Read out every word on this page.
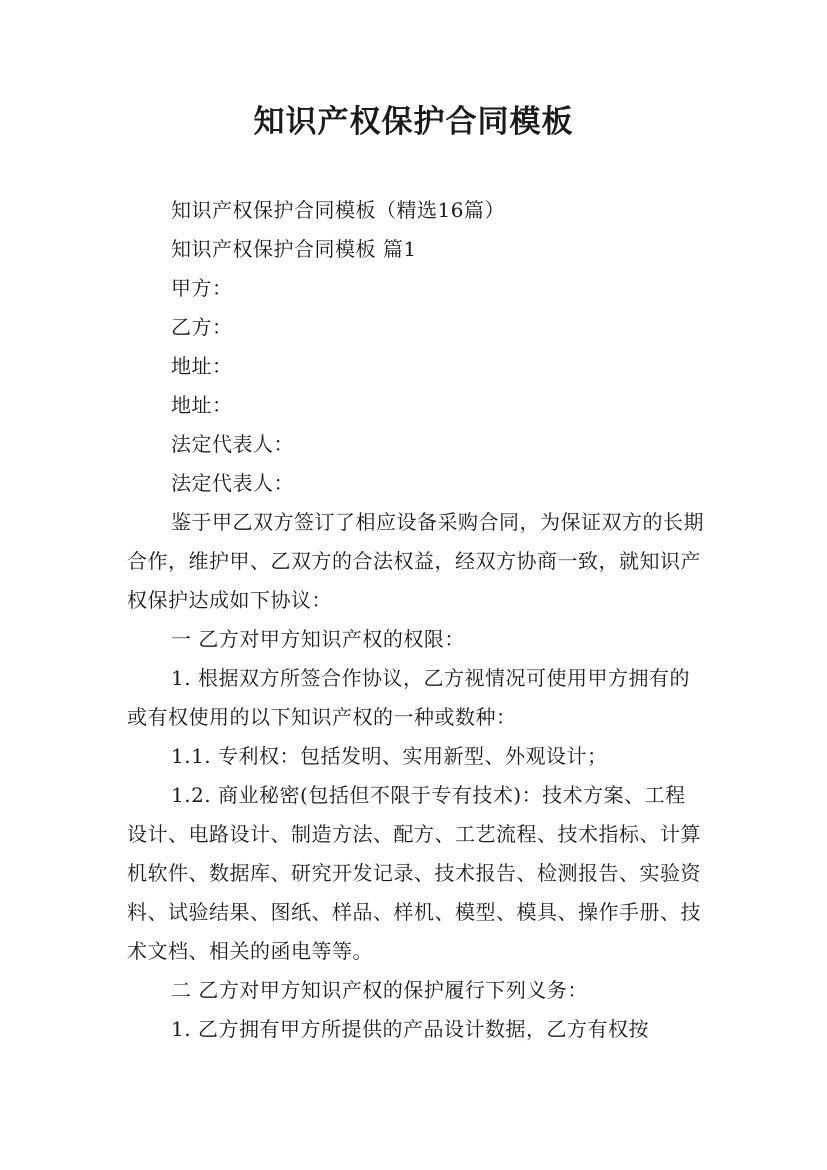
知识产权保护合同模板

知识产权保护合同模板（精选16篇）

知识产权保护合同模板 篇1

甲方：

乙方：

地址：

地址：

法定代表人：

法定代表人：

鉴于甲乙双方签订了相应设备采购合同，为保证双方的长期合作，维护甲、乙双方的合法权益，经双方协商一致，就知识产权保护达成如下协议：

一 乙方对甲方知识产权的权限：

1. 根据双方所签合作协议，乙方视情况可使用甲方拥有的或有权使用的以下知识产权的一种或数种：

1.1. 专利权：包括发明、实用新型、外观设计；

1.2. 商业秘密(包括但不限于专有技术)：技术方案、工程设计、电路设计、制造方法、配方、工艺流程、技术指标、计算机软件、数据库、研究开发记录、技术报告、检测报告、实验资料、试验结果、图纸、样品、样机、模型、模具、操作手册、技术文档、相关的函电等等。

二 乙方对甲方知识产权的保护履行下列义务：

1. 乙方拥有甲方所提供的产品设计数据，乙方有权按
